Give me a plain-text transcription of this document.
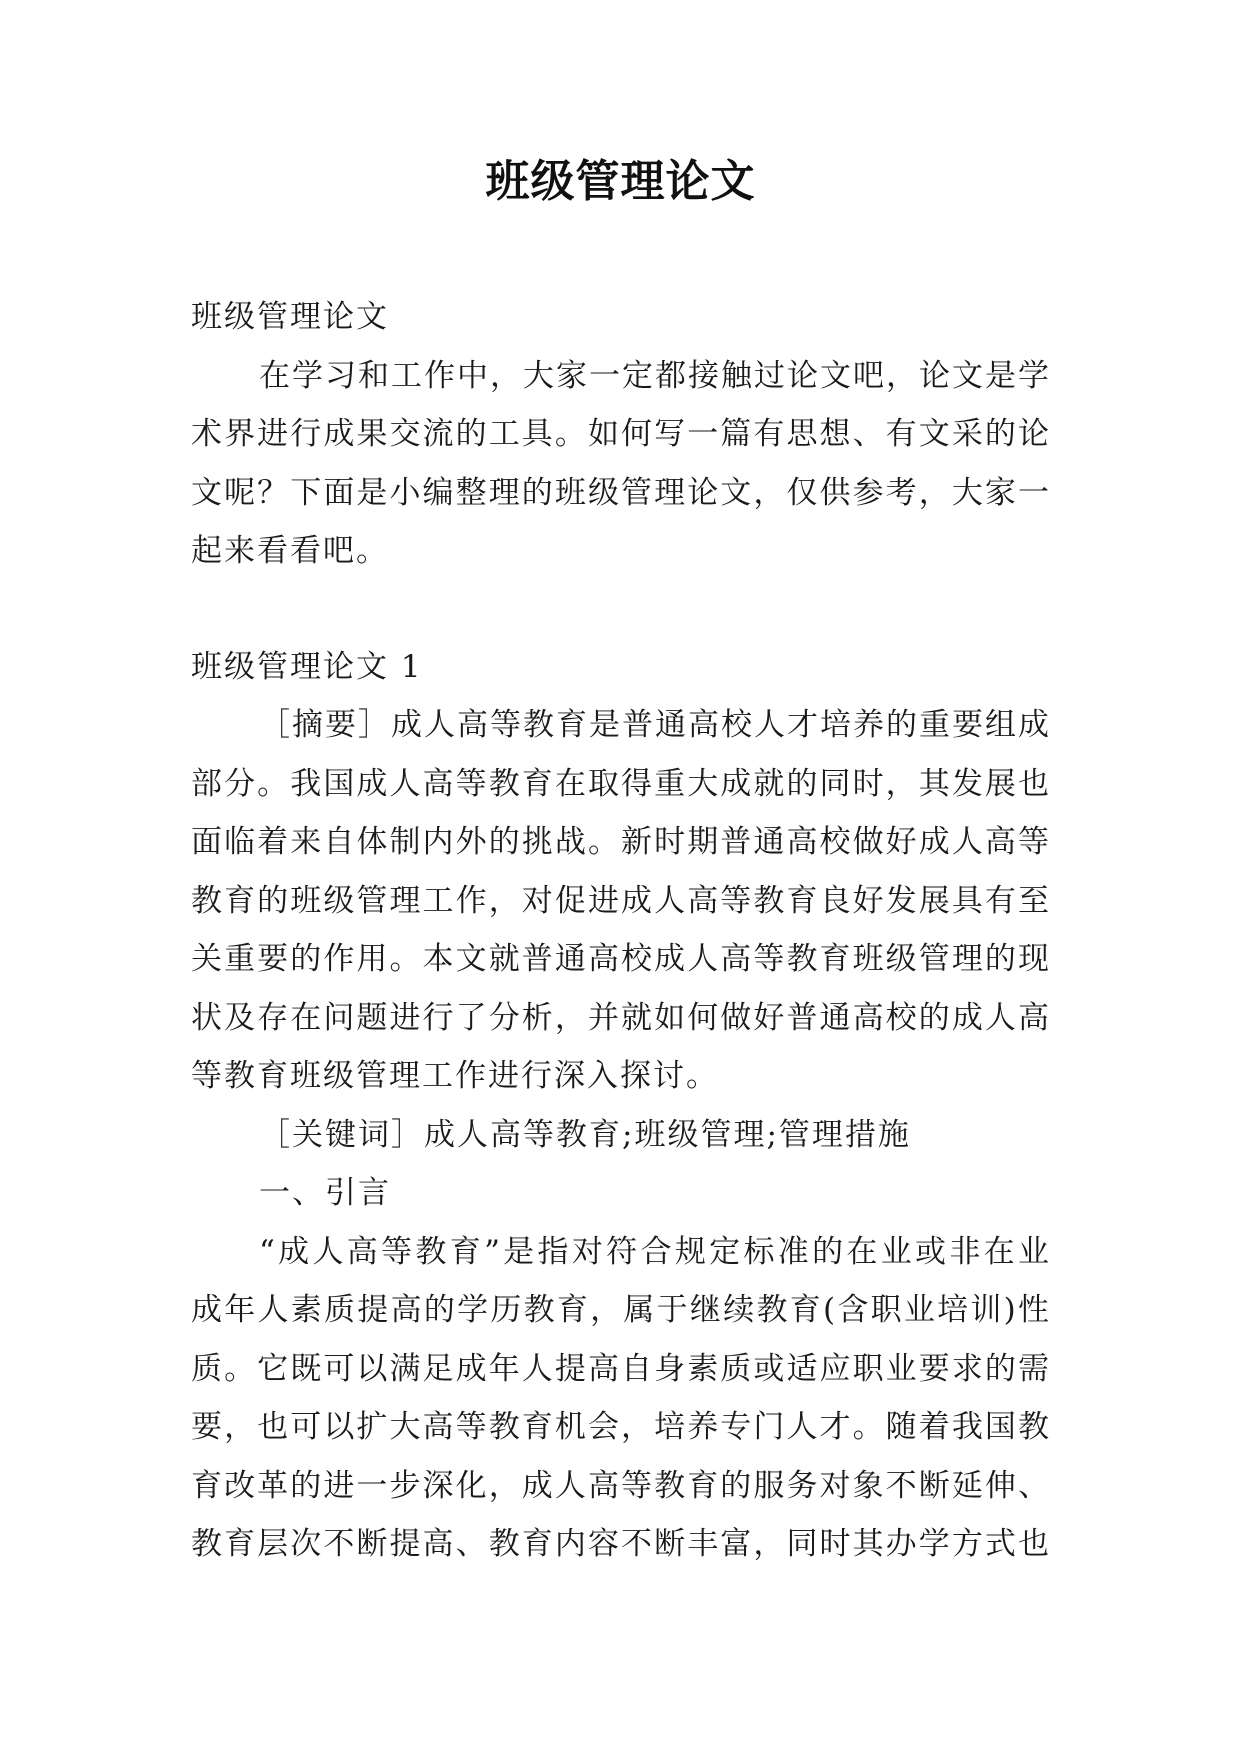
班级管理论文
班级管理论文
在学习和工作中，大家一定都接触过论文吧，论文是学
术界进行成果交流的工具。如何写一篇有思想、有文采的论
文呢？下面是小编整理的班级管理论文，仅供参考，大家一
起来看看吧。
班级管理论文 1
［摘要］成人高等教育是普通高校人才培养的重要组成
部分。我国成人高等教育在取得重大成就的同时，其发展也
面临着来自体制内外的挑战。新时期普通高校做好成人高等
教育的班级管理工作，对促进成人高等教育良好发展具有至
关重要的作用。本文就普通高校成人高等教育班级管理的现
状及存在问题进行了分析，并就如何做好普通高校的成人高
等教育班级管理工作进行深入探讨。
［关键词］成人高等教育;班级管理;管理措施
一、引言
“成人高等教育”是指对符合规定标准的在业或非在业
成年人素质提高的学历教育，属于继续教育(含职业培训)性
质。它既可以满足成年人提高自身素质或适应职业要求的需
要，也可以扩大高等教育机会，培养专门人才。随着我国教
育改革的进一步深化，成人高等教育的服务对象不断延伸、
教育层次不断提高、教育内容不断丰富，同时其办学方式也
